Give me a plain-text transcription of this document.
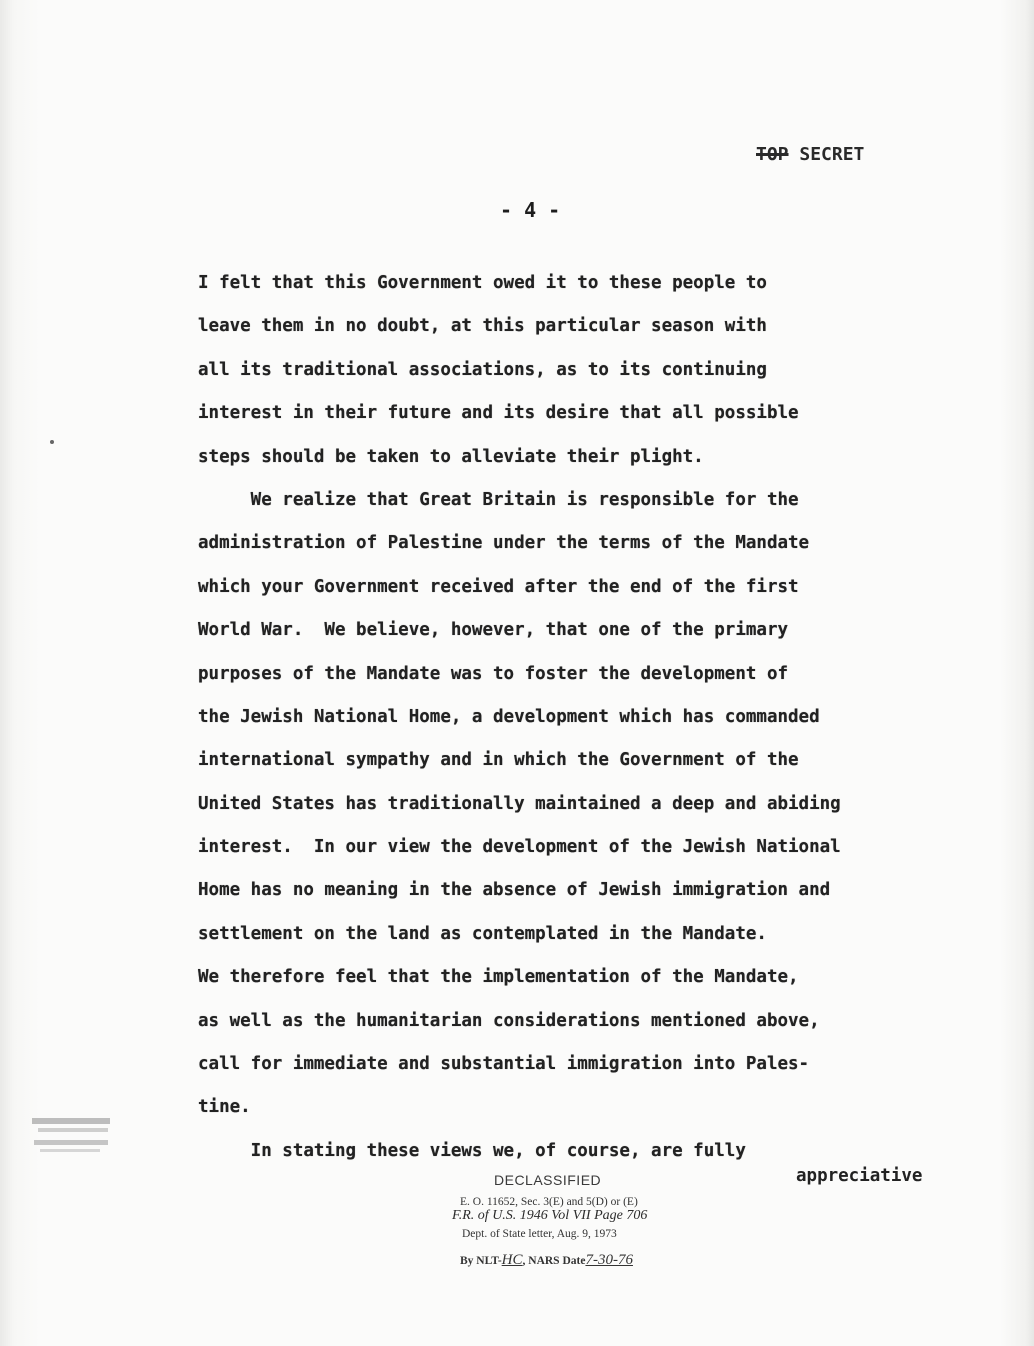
TOP SECRET
- 4 -
I felt that this Government owed it to these people to
leave them in no doubt, at this particular season with
all its traditional associations, as to its continuing
interest in their future and its desire that all possible
steps should be taken to alleviate their plight.
We realize that Great Britain is responsible for the
administration of Palestine under the terms of the Mandate
which your Government received after the end of the first
World War.  We believe, however, that one of the primary
purposes of the Mandate was to foster the development of
the Jewish National Home, a development which has commanded
international sympathy and in which the Government of the
United States has traditionally maintained a deep and abiding
interest.  In our view the development of the Jewish National
Home has no meaning in the absence of Jewish immigration and
settlement on the land as contemplated in the Mandate.
We therefore feel that the implementation of the Mandate,
as well as the humanitarian considerations mentioned above,
call for immediate and substantial immigration into Pales-
tine.
In stating these views we, of course, are fully
appreciative
DECLASSIFIED
E. O. 11652, Sec. 3(E) and 5(D) or (E)
F.R. of U.S. 1946 Vol VII Page 706
Dept. of State letter, Aug. 9, 1973
By NLT-HC, NARS Date7-30-76
